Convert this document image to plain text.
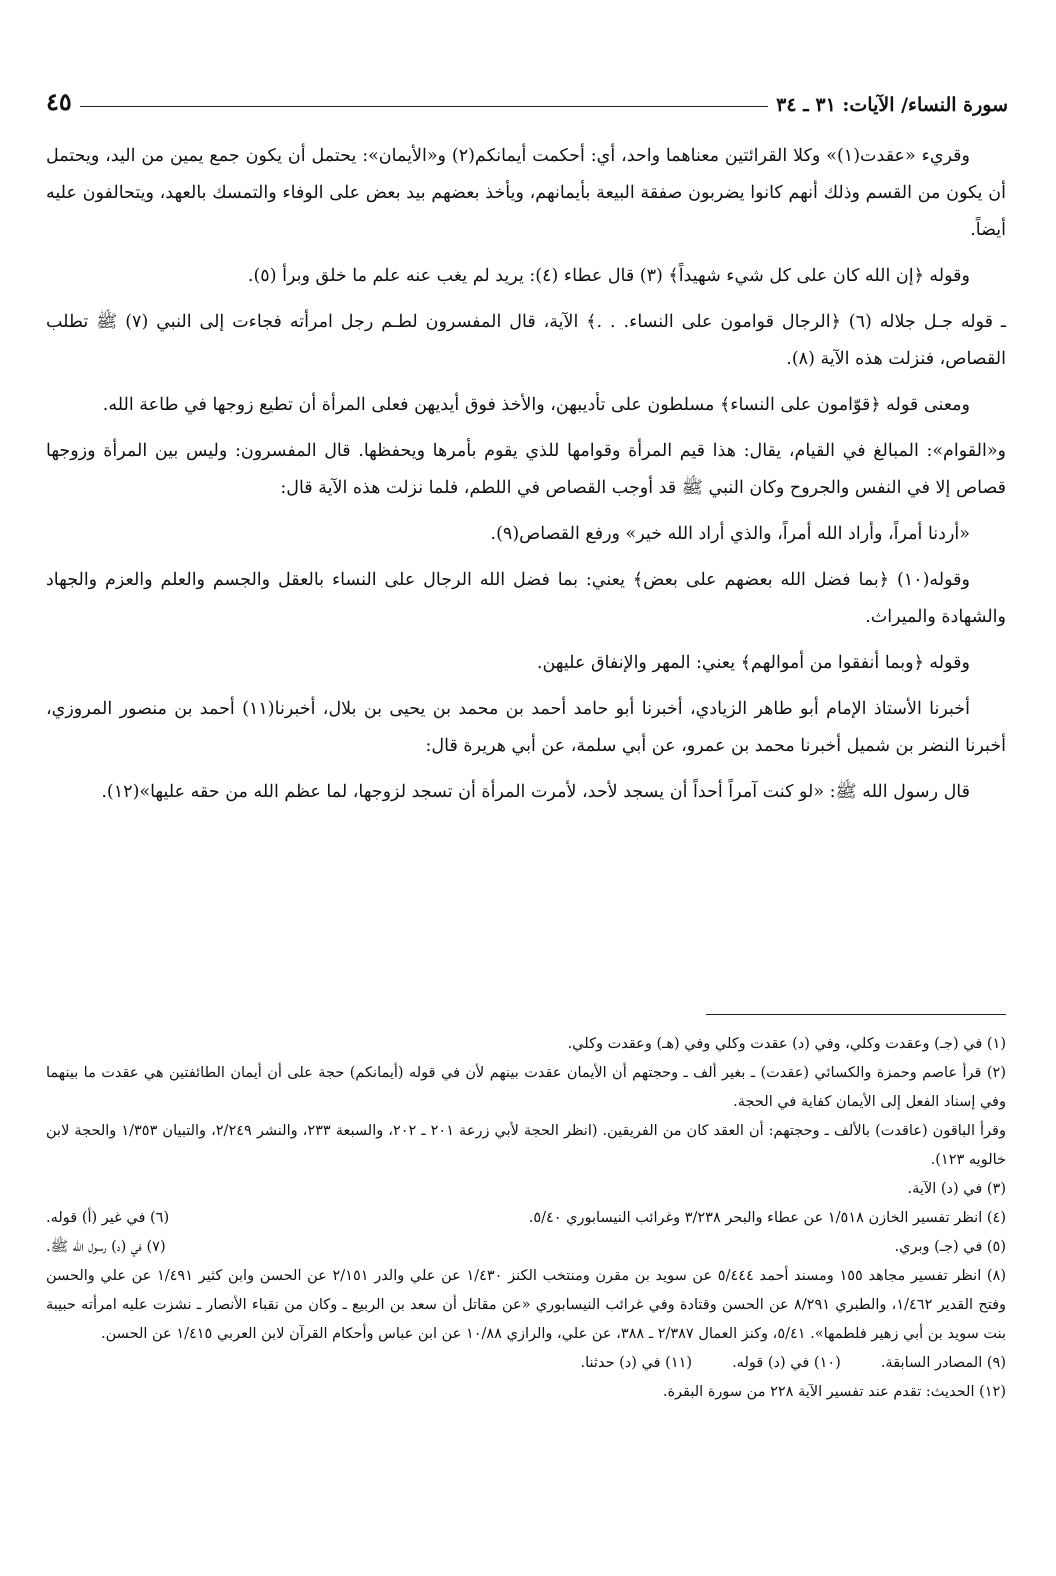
سورة النساء/ الآيات: ٣١ ـ ٣٤
٤٥

وقريء «عقدت(١)» وكلا القرائتين معناهما واحد، أي: أحكمت أيمانكم(٢) و«الأيمان»: يحتمل أن يكون جمع يمين من اليد، ويحتمل أن يكون من القسم وذلك أنهم كانوا يضربون صفقة البيعة بأيمانهم، ويأخذ بعضهم بيد بعض على الوفاء والتمسك بالعهد، ويتحالفون عليه أيضاً.

وقوله ﴿إن الله كان على كل شيء شهيداً﴾ (٣) قال عطاء (٤): يريد لم يغب عنه علم ما خلق وبرأ (٥).

ـ قوله جـل جلاله (٦) ﴿الرجال قوامون على النساء. . .﴾ الآية، قال المفسرون لطـم رجل امرأته فجاءت إلى النبي (٧) ﷺ تطلب القصاص، فنزلت هذه الآية (٨).

ومعنى قوله ﴿قوّامون على النساء﴾ مسلطون على تأديبهن، والأخذ فوق أيديهن فعلى المرأة أن تطيع زوجها في طاعة الله.

و«القوام»: المبالغ في القيام، يقال: هذا قيم المرأة وقوامها للذي يقوم بأمرها ويحفظها. قال المفسرون: وليس بين المرأة وزوجها قصاص إلا في النفس والجروح وكان النبي ﷺ قد أوجب القصاص في اللطم، فلما نزلت هذه الآية قال:

«أردنا أمراً، وأراد الله أمراً، والذي أراد الله خير» ورفع القصاص(٩).

وقوله(١٠) ﴿بما فضل الله بعضهم على بعض﴾ يعني: بما فضل الله الرجال على النساء بالعقل والجسم والعلم والعزم والجهاد والشهادة والميراث.

وقوله ﴿وبما أنفقوا من أموالهم﴾ يعني: المهر والإنفاق عليهن.

أخبرنا الأستاذ الإمام أبو طاهر الزيادي، أخبرنا أبو حامد أحمد بن محمد بن يحيى بن بلال، أخبرنا(١١) أحمد بن منصور المروزي، أخبرنا النضر بن شميل أخبرنا محمد بن عمرو، عن أبي سلمة، عن أبي هريرة قال:

قال رسول الله ﷺ: «لو كنت آمراً أحداً أن يسجد لأحد، لأمرت المرأة أن تسجد لزوجها، لما عظم الله من حقه عليها»(١٢).

(١) في (جـ) وعقدت وكلي، وفي (د) عقدت وكلي وفي (هـ) وعقدت وكلي.

(٢) قرأ عاصم وحمزة والكسائي (عقدت) ـ بغير ألف ـ وحجتهم أن الأيمان عقدت بينهم لأن في قوله (أيمانكم) حجة على أن أيمان الطائفتين هي عقدت ما بينهما وفي إسناد الفعل إلى الأيمان كفاية في الحجة.

وقرأ الباقون (عاقدت) بالألف ـ وحجتهم: أن العقد كان من الفريقين. (انظر الحجة لأبي زرعة ٢٠١ ـ ٢٠٢، والسبعة ٢٣٣، والنشر ٢/٢٤٩، والتبيان ١/٣٥٣ والحجة لابن خالويه ١٢٣).

(٣) في (د) الآية.

(٤) انظر تفسير الخازن ١/٥١٨ عن عطاء والبحر ٣/٢٣٨ وغرائب النيسابوري ٥/٤٠.
(٦) في غير (أ) قوله.
(٥) في (جـ) وبري.
(٧) في (د) رسول الله ﷺ.

(٨) انظر تفسير مجاهد ١٥٥ ومسند أحمد ٥/٤٤٤ عن سويد بن مقرن ومنتخب الكنز ١/٤٣٠ عن علي والدر ٢/١٥١ عن الحسن وابن كثير ١/٤٩١ عن علي والحسن وفتح القدير ١/٤٦٢، والطبري ٨/٢٩١ عن الحسن وقتادة وفي غرائب النيسابوري «عن مقاتل أن سعد بن الربيع ـ وكان من نقباء الأنصار ـ نشزت عليه امرأته حبيبة بنت سويد بن أبي زهير فلطمها». ٥/٤١، وكنز العمال ٢/٣٨٧ ـ ٣٨٨، عن علي، والرازي ١٠/٨٨ عن ابن عباس وأحكام القرآن لابن العربي ١/٤١٥ عن الحسن.

(٩) المصادر السابقة.
(١٠) في (د) قوله.
(١١) في (د) حدثنا.

(١٢) الحديث: تقدم عند تفسير الآية ٢٢٨ من سورة البقرة.
